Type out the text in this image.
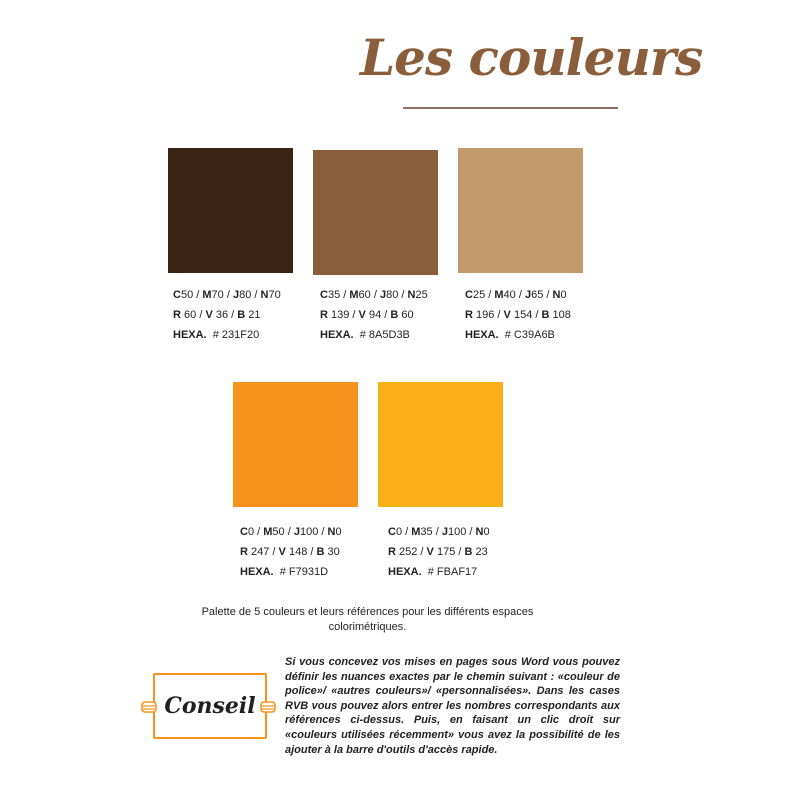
Les couleurs
C50 / M70 / J80 / N70
R 60 / V 36 / B 21
HEXA. # 231F20
C35 / M60 / J80 / N25
R 139 / V 94 / B 60
HEXA. # 8A5D3B
C25 / M40 / J65 / N0
R 196 / V 154 / B 108
HEXA. # C39A6B
C0 / M50 / J100 / N0
R 247 / V 148 / B 30
HEXA. # F7931D
C0 / M35 / J100 / N0
R 252 / V 175 / B 23
HEXA. # FBAF17
Palette de 5 couleurs et leurs références pour les différents espaces colorimétriques.
Conseil
Si vous concevez vos mises en pages sous Word vous pouvez définir les nuances exactes par le chemin suivant : «couleur de police»/ «autres couleurs»/ «personnalisées». Dans les cases RVB vous pouvez alors entrer les nombres correspondants aux références ci-dessus. Puis, en faisant un clic droit sur «couleurs utilisées récemment» vous avez la possibilité de les ajouter à la barre d'outils d'accès rapide.
